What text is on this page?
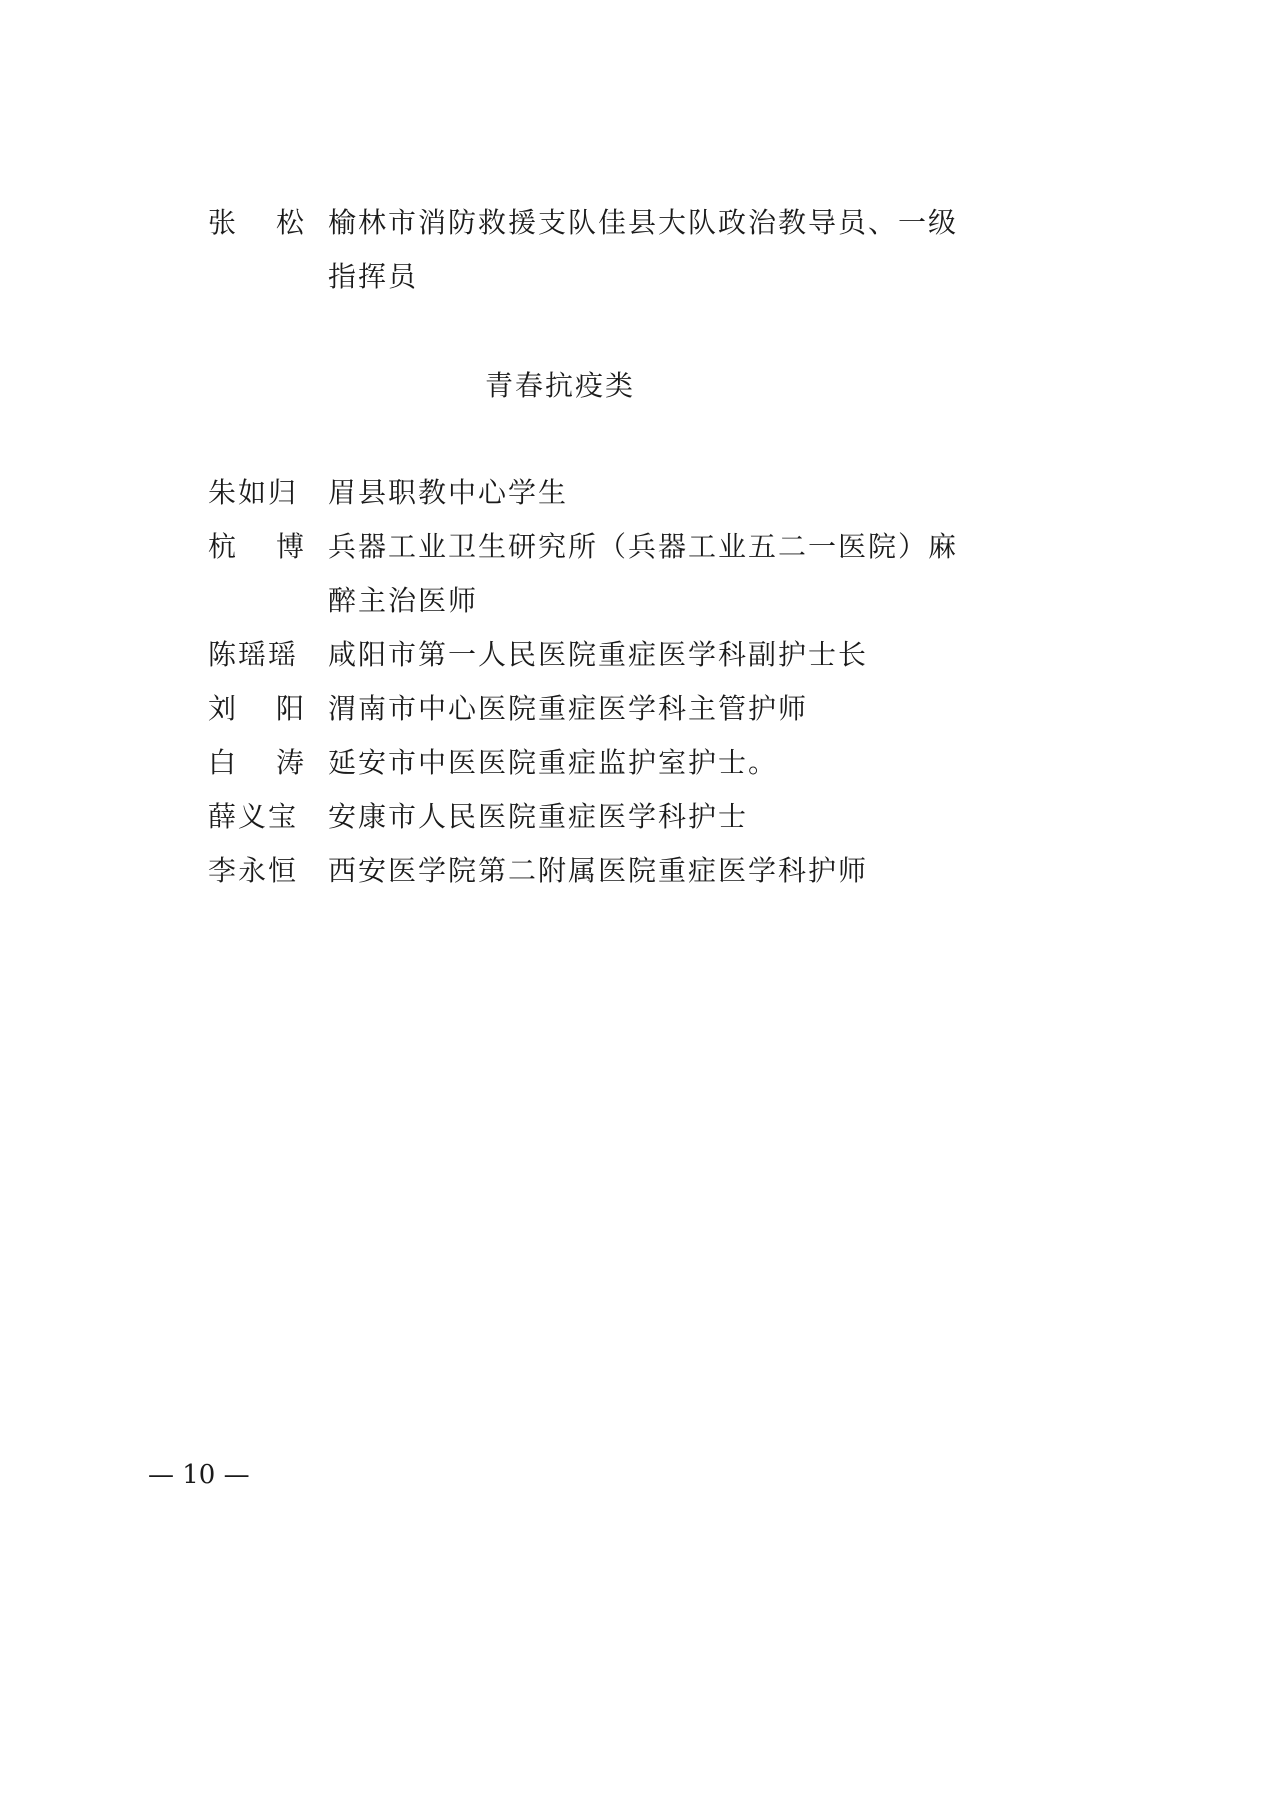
张 松 榆林市消防救援支队佳县大队政治教导员、一级指挥员
青春抗疫类
朱如归 眉县职教中心学生
杭 博 兵器工业卫生研究所（兵器工业五二一医院）麻醉主治医师
陈瑶瑶 咸阳市第一人民医院重症医学科副护士长
刘 阳 渭南市中心医院重症医学科主管护师
白 涛 延安市中医医院重症监护室护士。
薛义宝 安康市人民医院重症医学科护士
李永恒 西安医学院第二附属医院重症医学科护师
— 10 —
